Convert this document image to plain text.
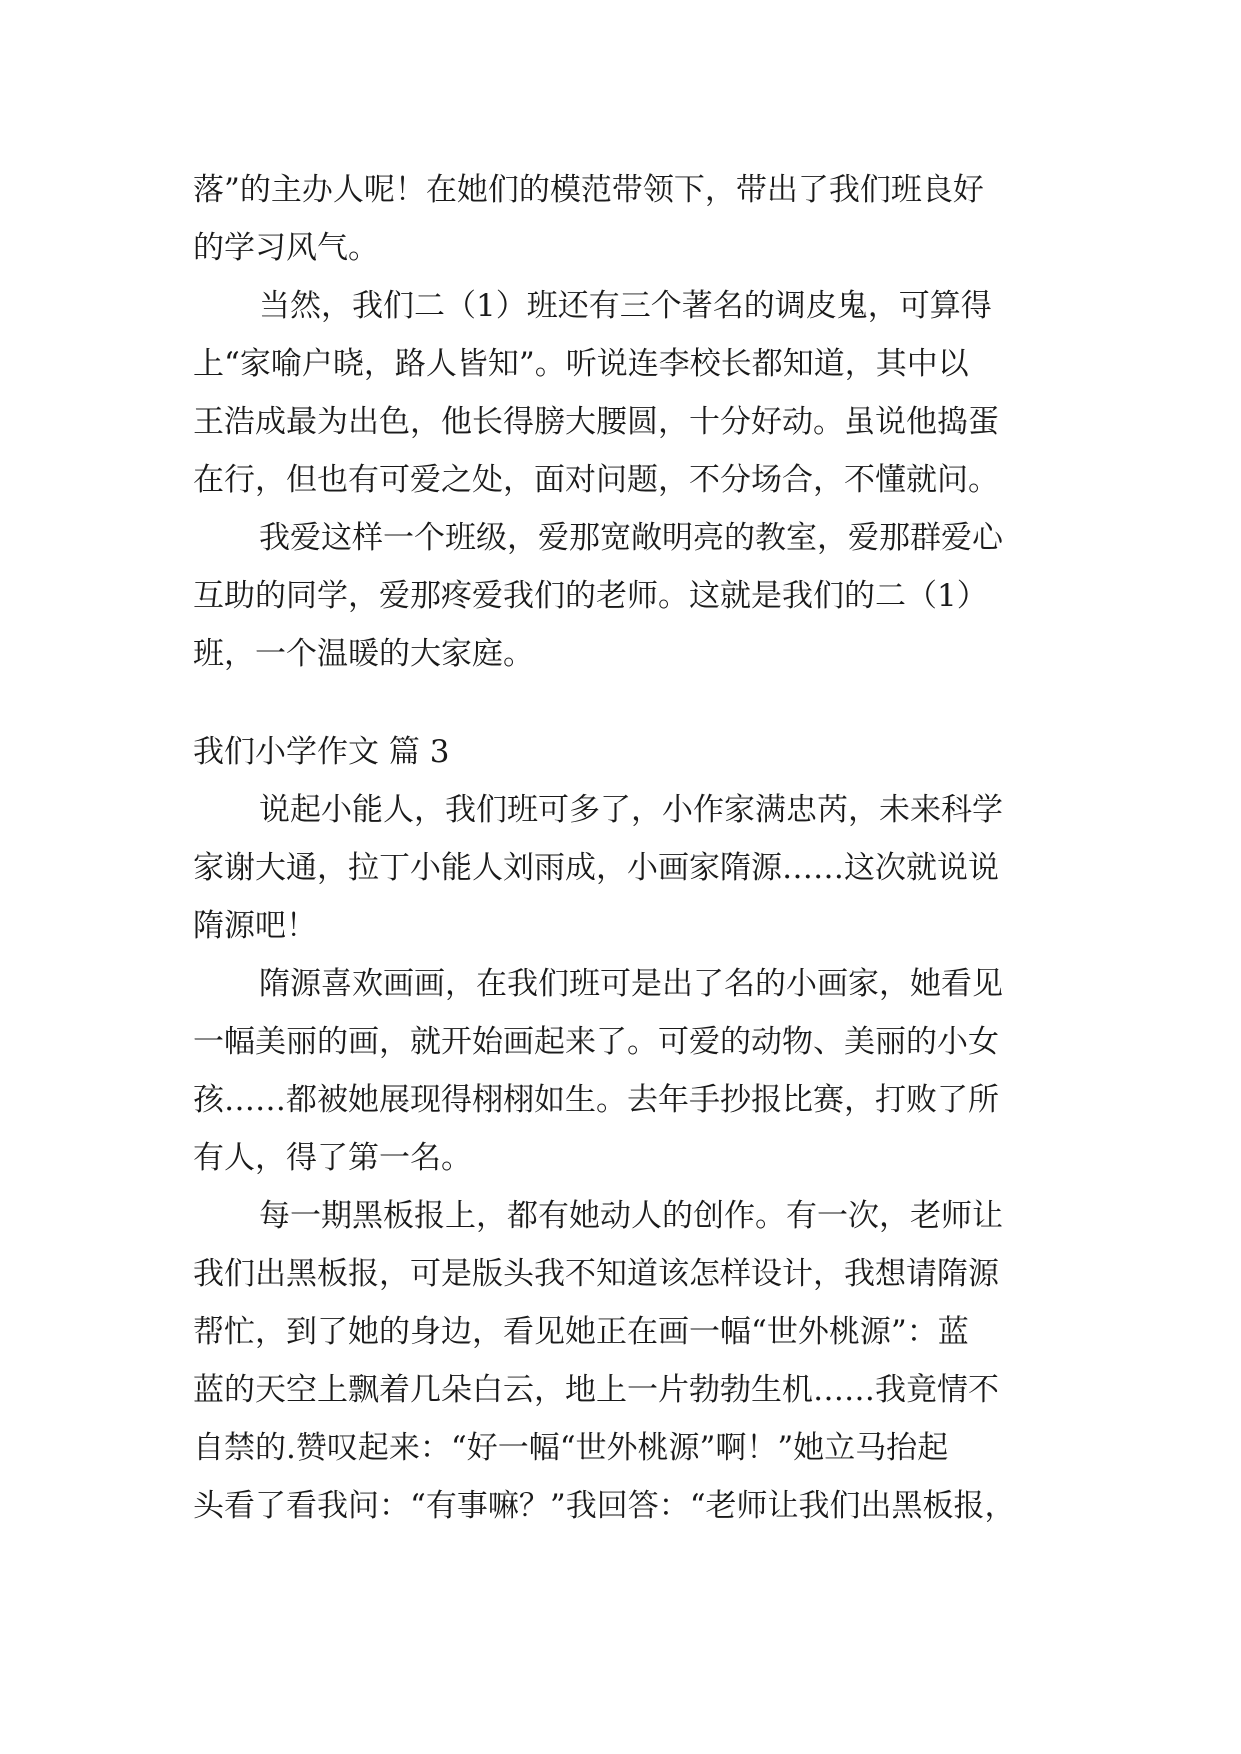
落”的主办人呢！在她们的模范带领下，带出了我们班良好
的学习风气。
当然，我们二（1）班还有三个著名的调皮鬼，可算得
上“家喻户晓，路人皆知”。听说连李校长都知道，其中以
王浩成最为出色，他长得膀大腰圆，十分好动。虽说他捣蛋
在行，但也有可爱之处，面对问题，不分场合，不懂就问。
我爱这样一个班级，爱那宽敞明亮的教室，爱那群爱心
互助的同学，爱那疼爱我们的老师。这就是我们的二（1）
班，一个温暖的大家庭。
我们小学作文 篇 3
说起小能人，我们班可多了，小作家满忠芮，未来科学
家谢大通，拉丁小能人刘雨成，小画家隋源……这次就说说
隋源吧！
隋源喜欢画画，在我们班可是出了名的小画家，她看见
一幅美丽的画，就开始画起来了。可爱的动物、美丽的小女
孩……都被她展现得栩栩如生。去年手抄报比赛，打败了所
有人，得了第一名。
每一期黑板报上，都有她动人的创作。有一次，老师让
我们出黑板报，可是版头我不知道该怎样设计，我想请隋源
帮忙，到了她的身边，看见她正在画一幅“世外桃源”：蓝
蓝的天空上飘着几朵白云，地上一片勃勃生机……我竟情不
自禁的.赞叹起来：“好一幅“世外桃源”啊！”她立马抬起
头看了看我问：“有事嘛？”我回答：“老师让我们出黑板报，
